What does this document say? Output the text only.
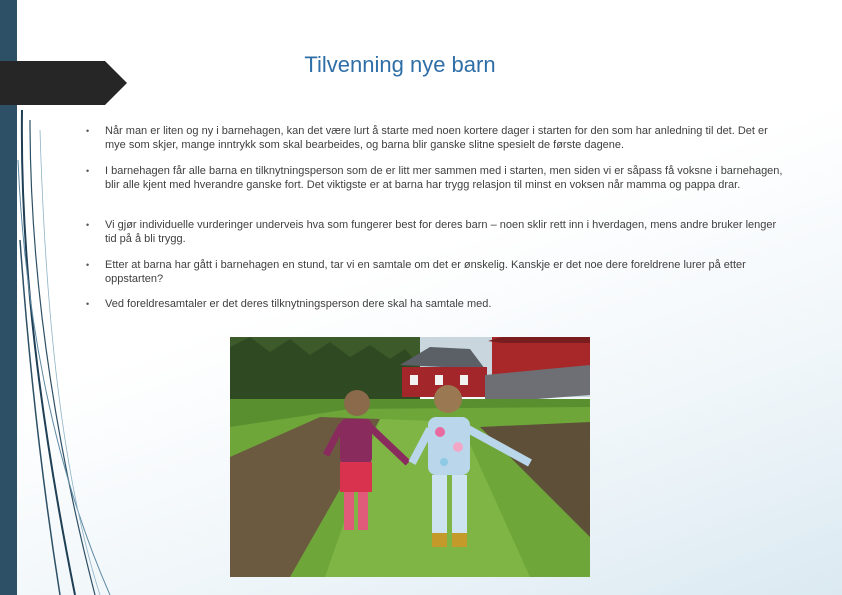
Tilvenning nye barn
• Når man er liten og ny i barnehagen, kan det være lurt å starte med noen kortere dager i starten for den som har anledning til det. Det er mye som skjer, mange inntrykk som skal bearbeides, og barna blir ganske slitne spesielt de første dagene.
• I barnehagen får alle barna en tilknytningsperson som de er litt mer sammen med i starten, men siden vi er såpass få voksne i barnehagen, blir alle kjent med hverandre ganske fort. Det viktigste er at barna har trygg relasjon til minst en voksen når mamma og pappa drar.
• Vi gjør individuelle vurderinger underveis hva som fungerer best for deres barn – noen sklir rett inn i hverdagen, mens andre bruker lenger tid på å bli trygg.
• Etter at barna har gått i barnehagen en stund, tar vi en samtale om det er ønskelig. Kanskje er det noe dere foreldrene lurer på etter oppstarten?
• Ved foreldresamtaler er det deres tilknytningsperson dere skal ha samtale med.
